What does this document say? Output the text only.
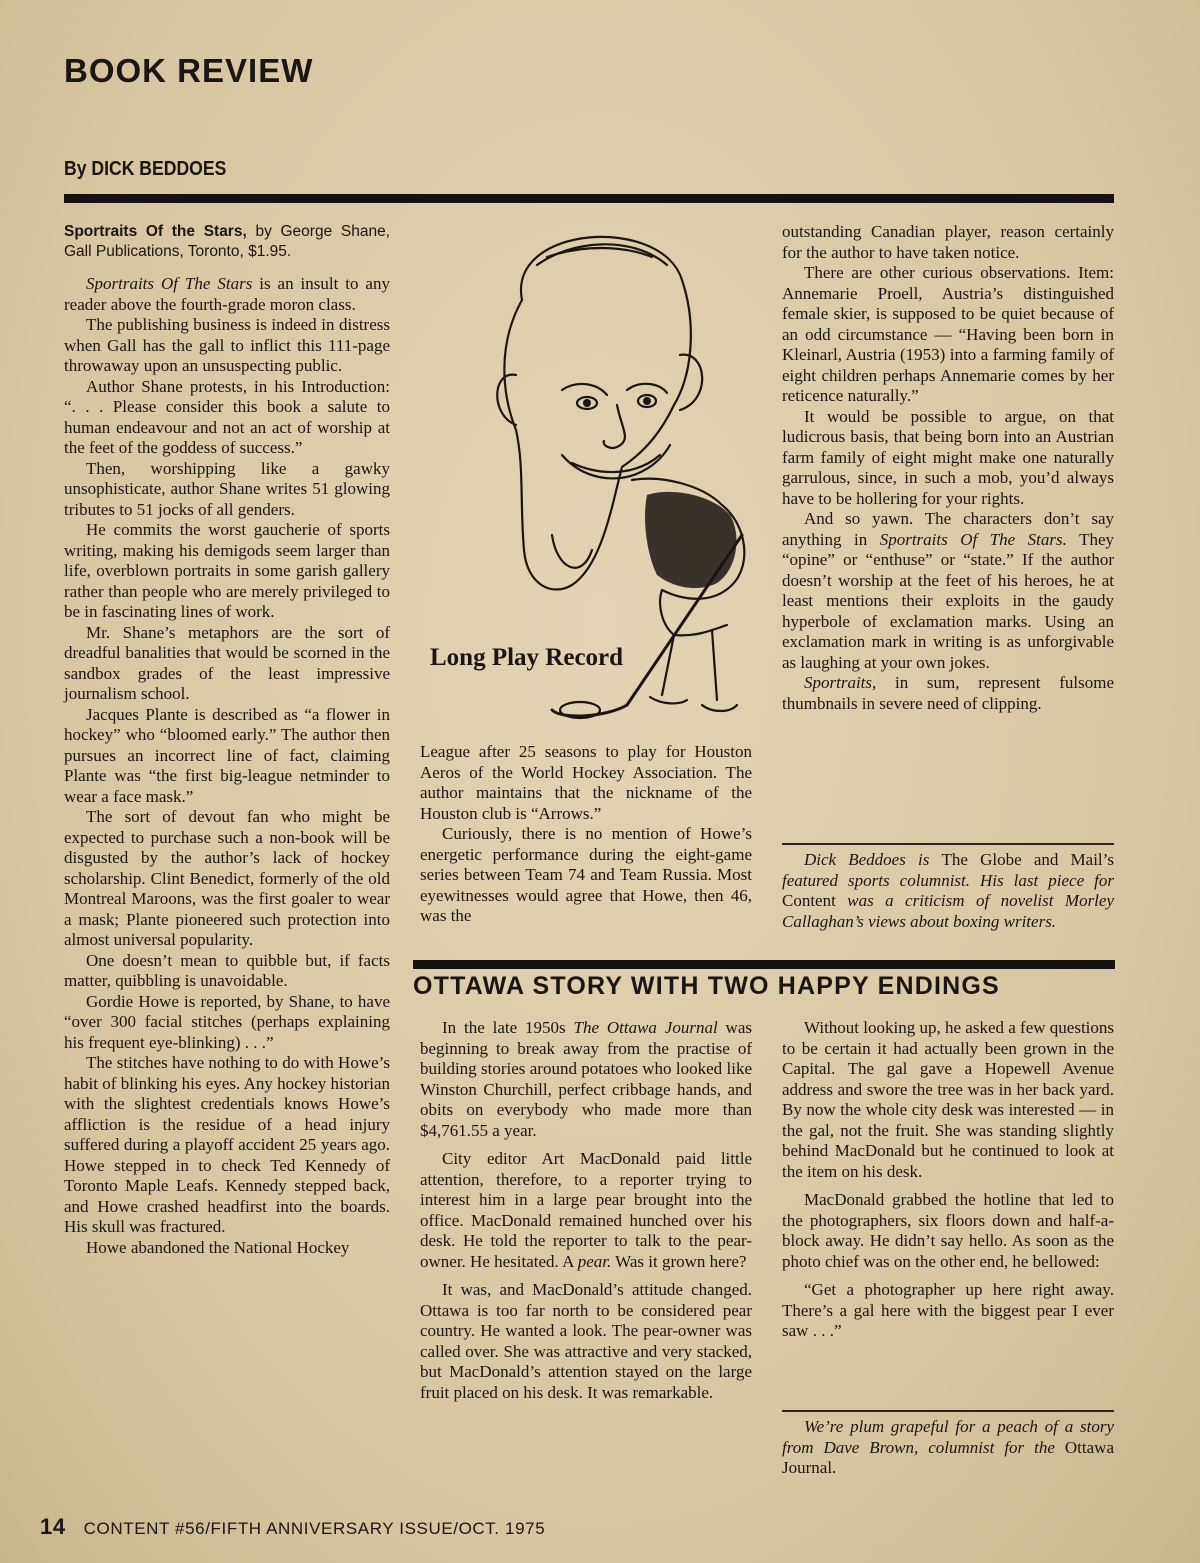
BOOK REVIEW
By DICK BEDDOES

Sportraits Of the Stars, by George Shane, Gall Publications, Toronto, $1.95.

Sportraits Of The Stars is an insult to any reader above the fourth-grade moron class.

The publishing business is indeed in distress when Gall has the gall to inflict this 111-page throwaway upon an unsuspecting public.

Author Shane protests, in his Introduction: “. . . Please consider this book a salute to human endeavour and not an act of worship at the feet of the goddess of success.”

Then, worshipping like a gawky unsophisticate, author Shane writes 51 glowing tributes to 51 jocks of all genders.

He commits the worst gaucherie of sports writing, making his demigods seem larger than life, overblown portraits in some garish gallery rather than people who are merely privileged to be in fascinating lines of work.

Mr. Shane’s metaphors are the sort of dreadful banalities that would be scorned in the sandbox grades of the least impressive journalism school.

Jacques Plante is described as “a flower in hockey” who “bloomed early.” The author then pursues an incorrect line of fact, claiming Plante was “the first big-league netminder to wear a face mask.”

The sort of devout fan who might be expected to purchase such a non-book will be disgusted by the author’s lack of hockey scholarship. Clint Benedict, formerly of the old Montreal Maroons, was the first goaler to wear a mask; Plante pioneered such protection into almost universal popularity.

One doesn’t mean to quibble but, if facts matter, quibbling is unavoidable.

Gordie Howe is reported, by Shane, to have “over 300 facial stitches (perhaps explaining his frequent eye-blinking) . . .”

The stitches have nothing to do with Howe’s habit of blinking his eyes. Any hockey historian with the slightest credentials knows Howe’s affliction is the residue of a head injury suffered during a playoff accident 25 years ago. Howe stepped in to check Ted Kennedy of Toronto Maple Leafs. Kennedy stepped back, and Howe crashed headfirst into the boards. His skull was fractured.

Howe abandoned the National Hockey

Long Play Record

League after 25 seasons to play for Houston Aeros of the World Hockey Association. The author maintains that the nickname of the Houston club is “Arrows.”

Curiously, there is no mention of Howe’s energetic performance during the eight-game series between Team 74 and Team Russia. Most eyewitnesses would agree that Howe, then 46, was the

outstanding Canadian player, reason certainly for the author to have taken notice.

There are other curious observations. Item: Annemarie Proell, Austria’s distinguished female skier, is supposed to be quiet because of an odd circumstance — “Having been born in Kleinarl, Austria (1953) into a farming family of eight children perhaps Annemarie comes by her reticence naturally.”

It would be possible to argue, on that ludicrous basis, that being born into an Austrian farm family of eight might make one naturally garrulous, since, in such a mob, you’d always have to be hollering for your rights.

And so yawn. The characters don’t say anything in Sportraits Of The Stars. They “opine” or “enthuse” or “state.” If the author doesn’t worship at the feet of his heroes, he at least mentions their exploits in the gaudy hyperbole of exclamation marks. Using an exclamation mark in writing is as unforgivable as laughing at your own jokes.

Sportraits, in sum, represent fulsome thumbnails in severe need of clipping.

Dick Beddoes is The Globe and Mail’s featured sports columnist. His last piece for Content was a criticism of novelist Morley Callaghan’s views about boxing writers.

OTTAWA STORY WITH TWO HAPPY ENDINGS

In the late 1950s The Ottawa Journal was beginning to break away from the practise of building stories around potatoes who looked like Winston Churchill, perfect cribbage hands, and obits on everybody who made more than $4,761.55 a year.

City editor Art MacDonald paid little attention, therefore, to a reporter trying to interest him in a large pear brought into the office. MacDonald remained hunched over his desk. He told the reporter to talk to the pear-owner. He hesitated. A pear. Was it grown here?

It was, and MacDonald’s attitude changed. Ottawa is too far north to be considered pear country. He wanted a look. The pear-owner was called over. She was attractive and very stacked, but MacDonald’s attention stayed on the large fruit placed on his desk. It was remarkable.

Without looking up, he asked a few questions to be certain it had actually been grown in the Capital. The gal gave a Hopewell Avenue address and swore the tree was in her back yard. By now the whole city desk was interested — in the gal, not the fruit. She was standing slightly behind MacDonald but he continued to look at the item on his desk.

MacDonald grabbed the hotline that led to the photographers, six floors down and half-a-block away. He didn’t say hello. As soon as the photo chief was on the other end, he bellowed:

“Get a photographer up here right away. There’s a gal here with the biggest pear I ever saw . . .”

We’re plum grapeful for a peach of a story from Dave Brown, columnist for the Ottawa Journal.

14 CONTENT #56/FIFTH ANNIVERSARY ISSUE/OCT. 1975
